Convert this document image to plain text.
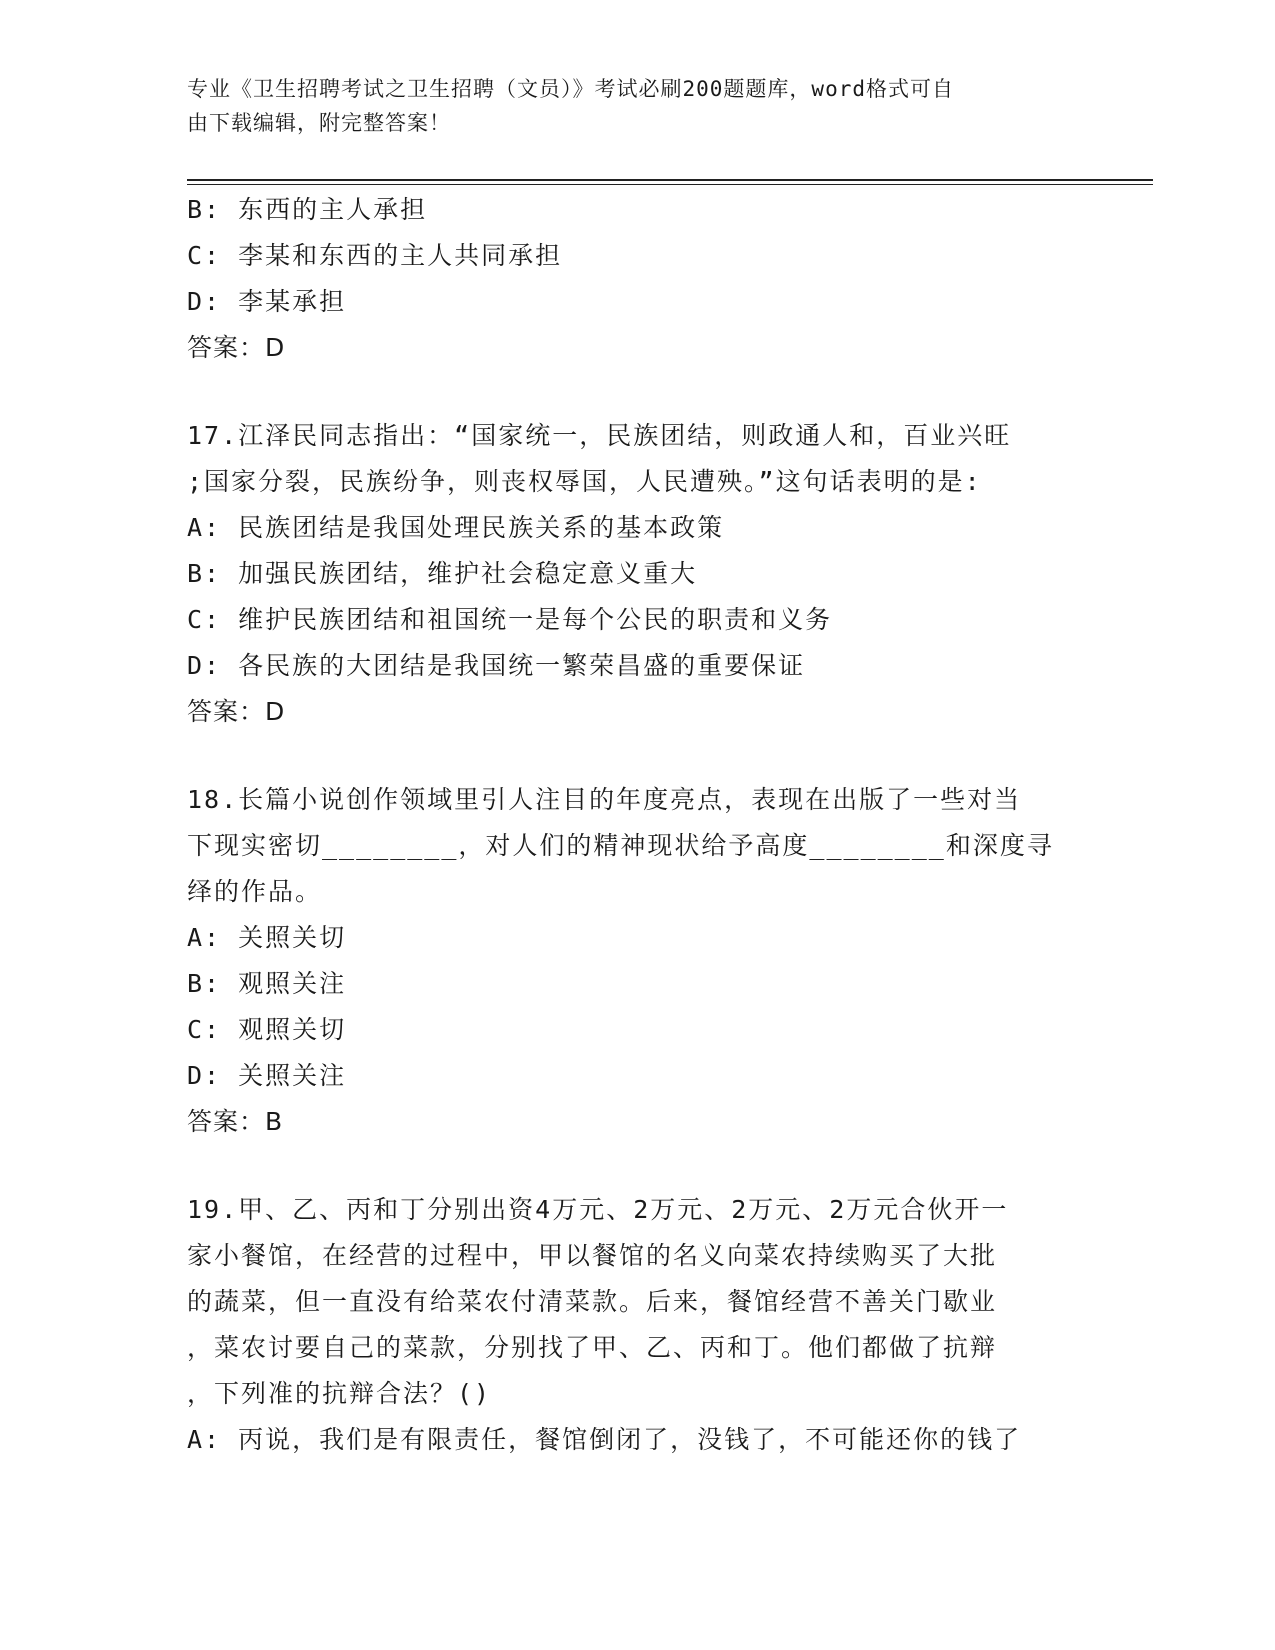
专业《卫生招聘考试之卫生招聘（文员）》考试必刷200题题库，word格式可自
由下载编辑，附完整答案！
B: 东西的主人承担
C: 李某和东西的主人共同承担
D: 李某承担
答案：D
17.江泽民同志指出：“国家统一，民族团结，则政通人和，百业兴旺
;国家分裂，民族纷争，则丧权辱国，人民遭殃。”这句话表明的是:
A: 民族团结是我国处理民族关系的基本政策
B: 加强民族团结，维护社会稳定意义重大
C: 维护民族团结和祖国统一是每个公民的职责和义务
D: 各民族的大团结是我国统一繁荣昌盛的重要保证
答案：D
18.长篇小说创作领域里引人注目的年度亮点，表现在出版了一些对当
下现实密切________，对人们的精神现状给予高度________和深度寻
绎的作品。
A: 关照关切
B: 观照关注
C: 观照关切
D: 关照关注
答案：B
19.甲、乙、丙和丁分别出资4万元、2万元、2万元、2万元合伙开一
家小餐馆，在经营的过程中，甲以餐馆的名义向菜农持续购买了大批
的蔬菜，但一直没有给菜农付清菜款。后来，餐馆经营不善关门歇业
，菜农讨要自己的菜款，分别找了甲、乙、丙和丁。他们都做了抗辩
，下列准的抗辩合法？()
A: 丙说，我们是有限责任，餐馆倒闭了，没钱了，不可能还你的钱了
